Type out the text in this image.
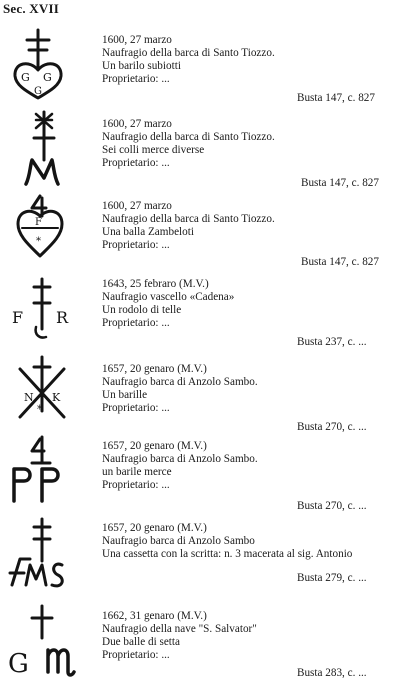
Sec. XVII
G G
G
1600, 27 marzo
Naufragio della barca di Santo Tiozzo.
Un barilo subiotti
Proprietario: ...
Busta 147, c. 827
1600, 27 marzo
Naufragio della barca di Santo Tiozzo.
Sei colli merce diverse
Proprietario: ...
Busta 147, c. 827
F
*
1600, 27 marzo
Naufragio della barca di Santo Tiozzo.
Una balla Zambeloti
Proprietario: ...
Busta 147, c. 827
F R
1643, 25 febraro (M.V.)
Naufragio vascello «Cadena»
Un rodolo di telle
Proprietario: ...
Busta 237, c. ...
N K
*
1657, 20 genaro (M.V.)
Naufragio barca di Anzolo Sambo.
Un barille
Proprietario: ...
Busta 270, c. ...
1657, 20 genaro (M.V.)
Naufragio barca di Anzolo Sambo.
un barile merce
Proprietario: ...
Busta 270, c. ...
1657, 20 genaro (M.V.)
Naufragio barca di Anzolo Sambo
Una cassetta con la scritta: n. 3 macerata al sig. Antonio
Busta 279, c. ...
G
1662, 31 genaro (M.V.)
Naufragio della nave "S. Salvator"
Due balle di setta
Proprietario: ...
Busta 283, c. ...
